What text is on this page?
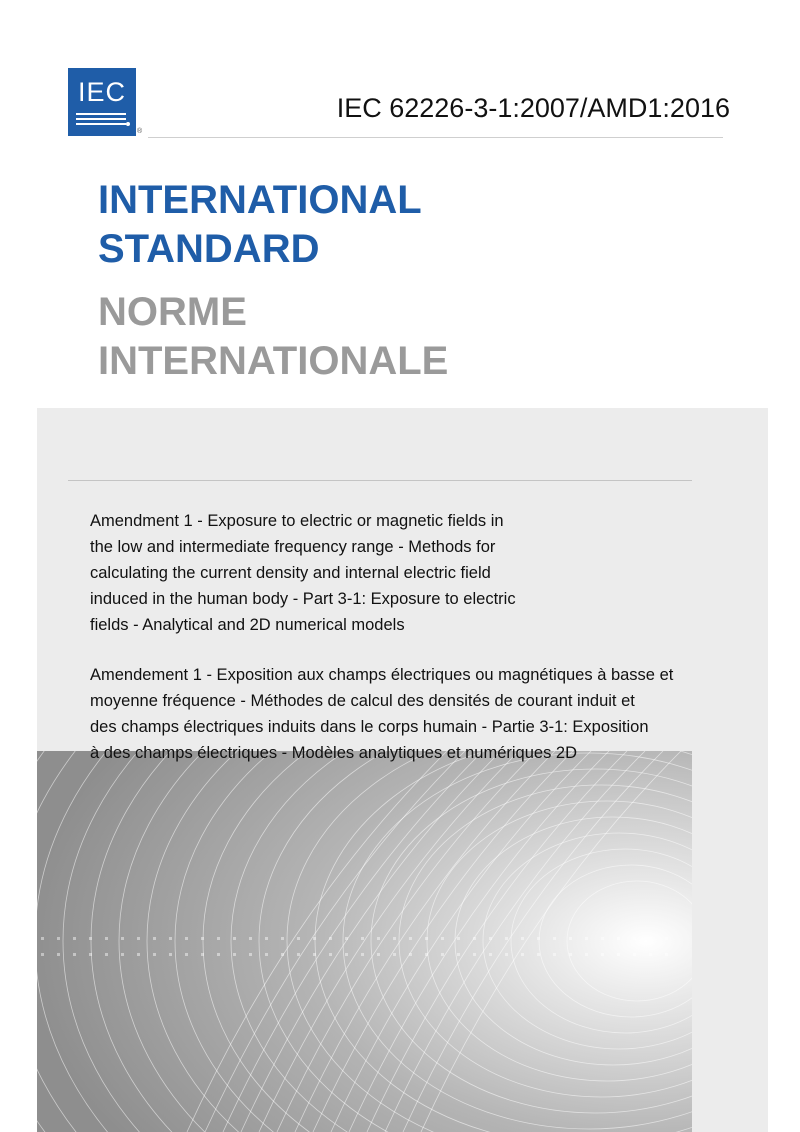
IEC
®
IEC 62226-3-1:2007/AMD1:2016
INTERNATIONAL
STANDARD
NORME
INTERNATIONALE
Amendment 1 - Exposure to electric or magnetic fields in
the low and intermediate frequency range - Methods for
calculating the current density and internal electric field
induced in the human body - Part 3-1: Exposure to electric
fields - Analytical and 2D numerical models
Amendement 1 - Exposition aux champs électriques ou magnétiques à basse et
moyenne fréquence - Méthodes de calcul des densités de courant induit et
des champs électriques induits dans le corps humain - Partie 3-1: Exposition
à des champs électriques - Modèles analytiques et numériques 2D
